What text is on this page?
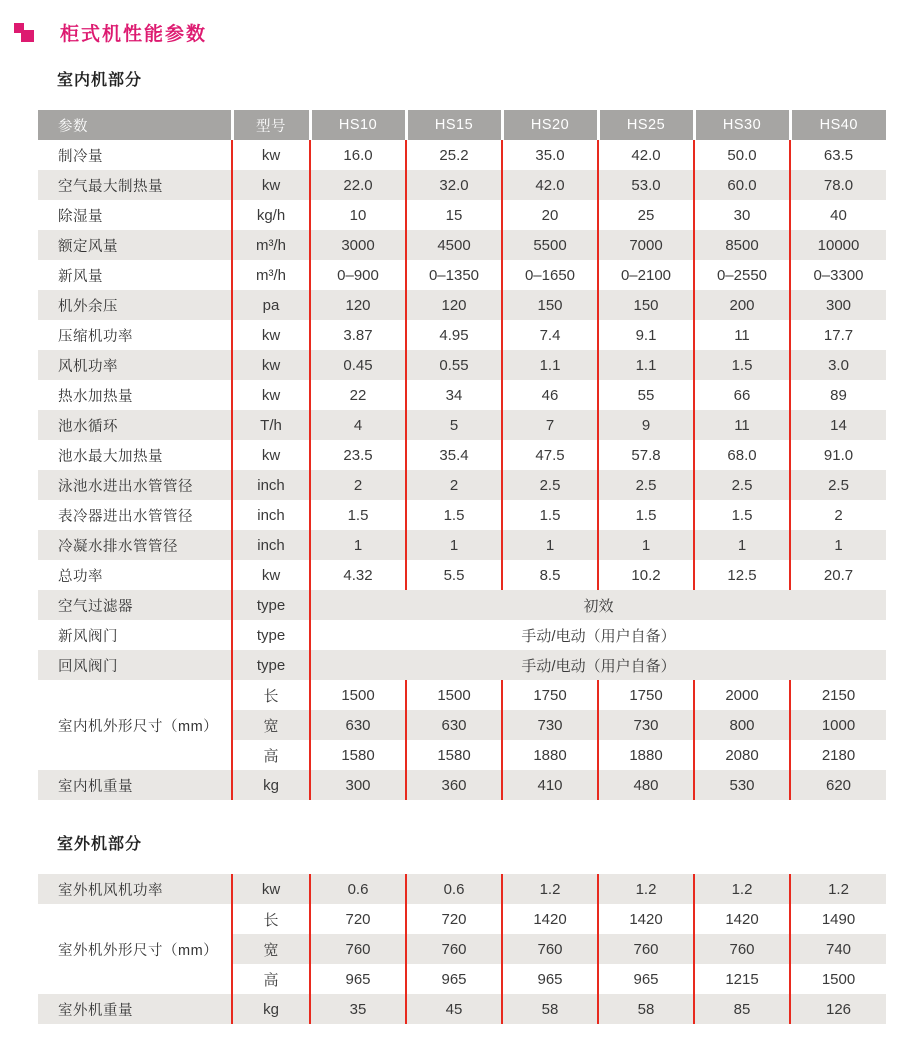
柜式机性能参数
室内机部分
参数	型号	HS10	HS15	HS20	HS25	HS30	HS40
制冷量	kw	16.0	25.2	35.0	42.0	50.0	63.5
空气最大制热量	kw	22.0	32.0	42.0	53.0	60.0	78.0
除湿量	kg/h	10	15	20	25	30	40
额定风量	m³/h	3000	4500	5500	7000	8500	10000
新风量	m³/h	0–900	0–1350	0–1650	0–2100	0–2550	0–3300
机外余压	pa	120	120	150	150	200	300
压缩机功率	kw	3.87	4.95	7.4	9.1	11	17.7
风机功率	kw	0.45	0.55	1.1	1.1	1.5	3.0
热水加热量	kw	22	34	46	55	66	89
池水循环	T/h	4	5	7	9	11	14
池水最大加热量	kw	23.5	35.4	47.5	57.8	68.0	91.0
泳池水进出水管管径	inch	2	2	2.5	2.5	2.5	2.5
表冷器进出水管管径	inch	1.5	1.5	1.5	1.5	1.5	2
冷凝水排水管管径	inch	1	1	1	1	1	1
总功率	kw	4.32	5.5	8.5	10.2	12.5	20.7
空气过滤器	type	初效					
新风阀门	type	手动/电动（用户自备）					
回风阀门	type	手动/电动（用户自备）					
室内机外形尺寸（mm）	长	1500	1500	1750	1750	2000	2150
	宽	630	630	730	730	800	1000
	高	1580	1580	1880	1880	2080	2180
室内机重量	kg	300	360	410	480	530	620
室外机部分
室外机风机功率	kw	0.6	0.6	1.2	1.2	1.2	1.2
室外机外形尺寸（mm）	长	720	720	1420	1420	1420	1490
	宽	760	760	760	760	760	740
	高	965	965	965	965	1215	1500
室外机重量	kg	35	45	58	58	85	126
